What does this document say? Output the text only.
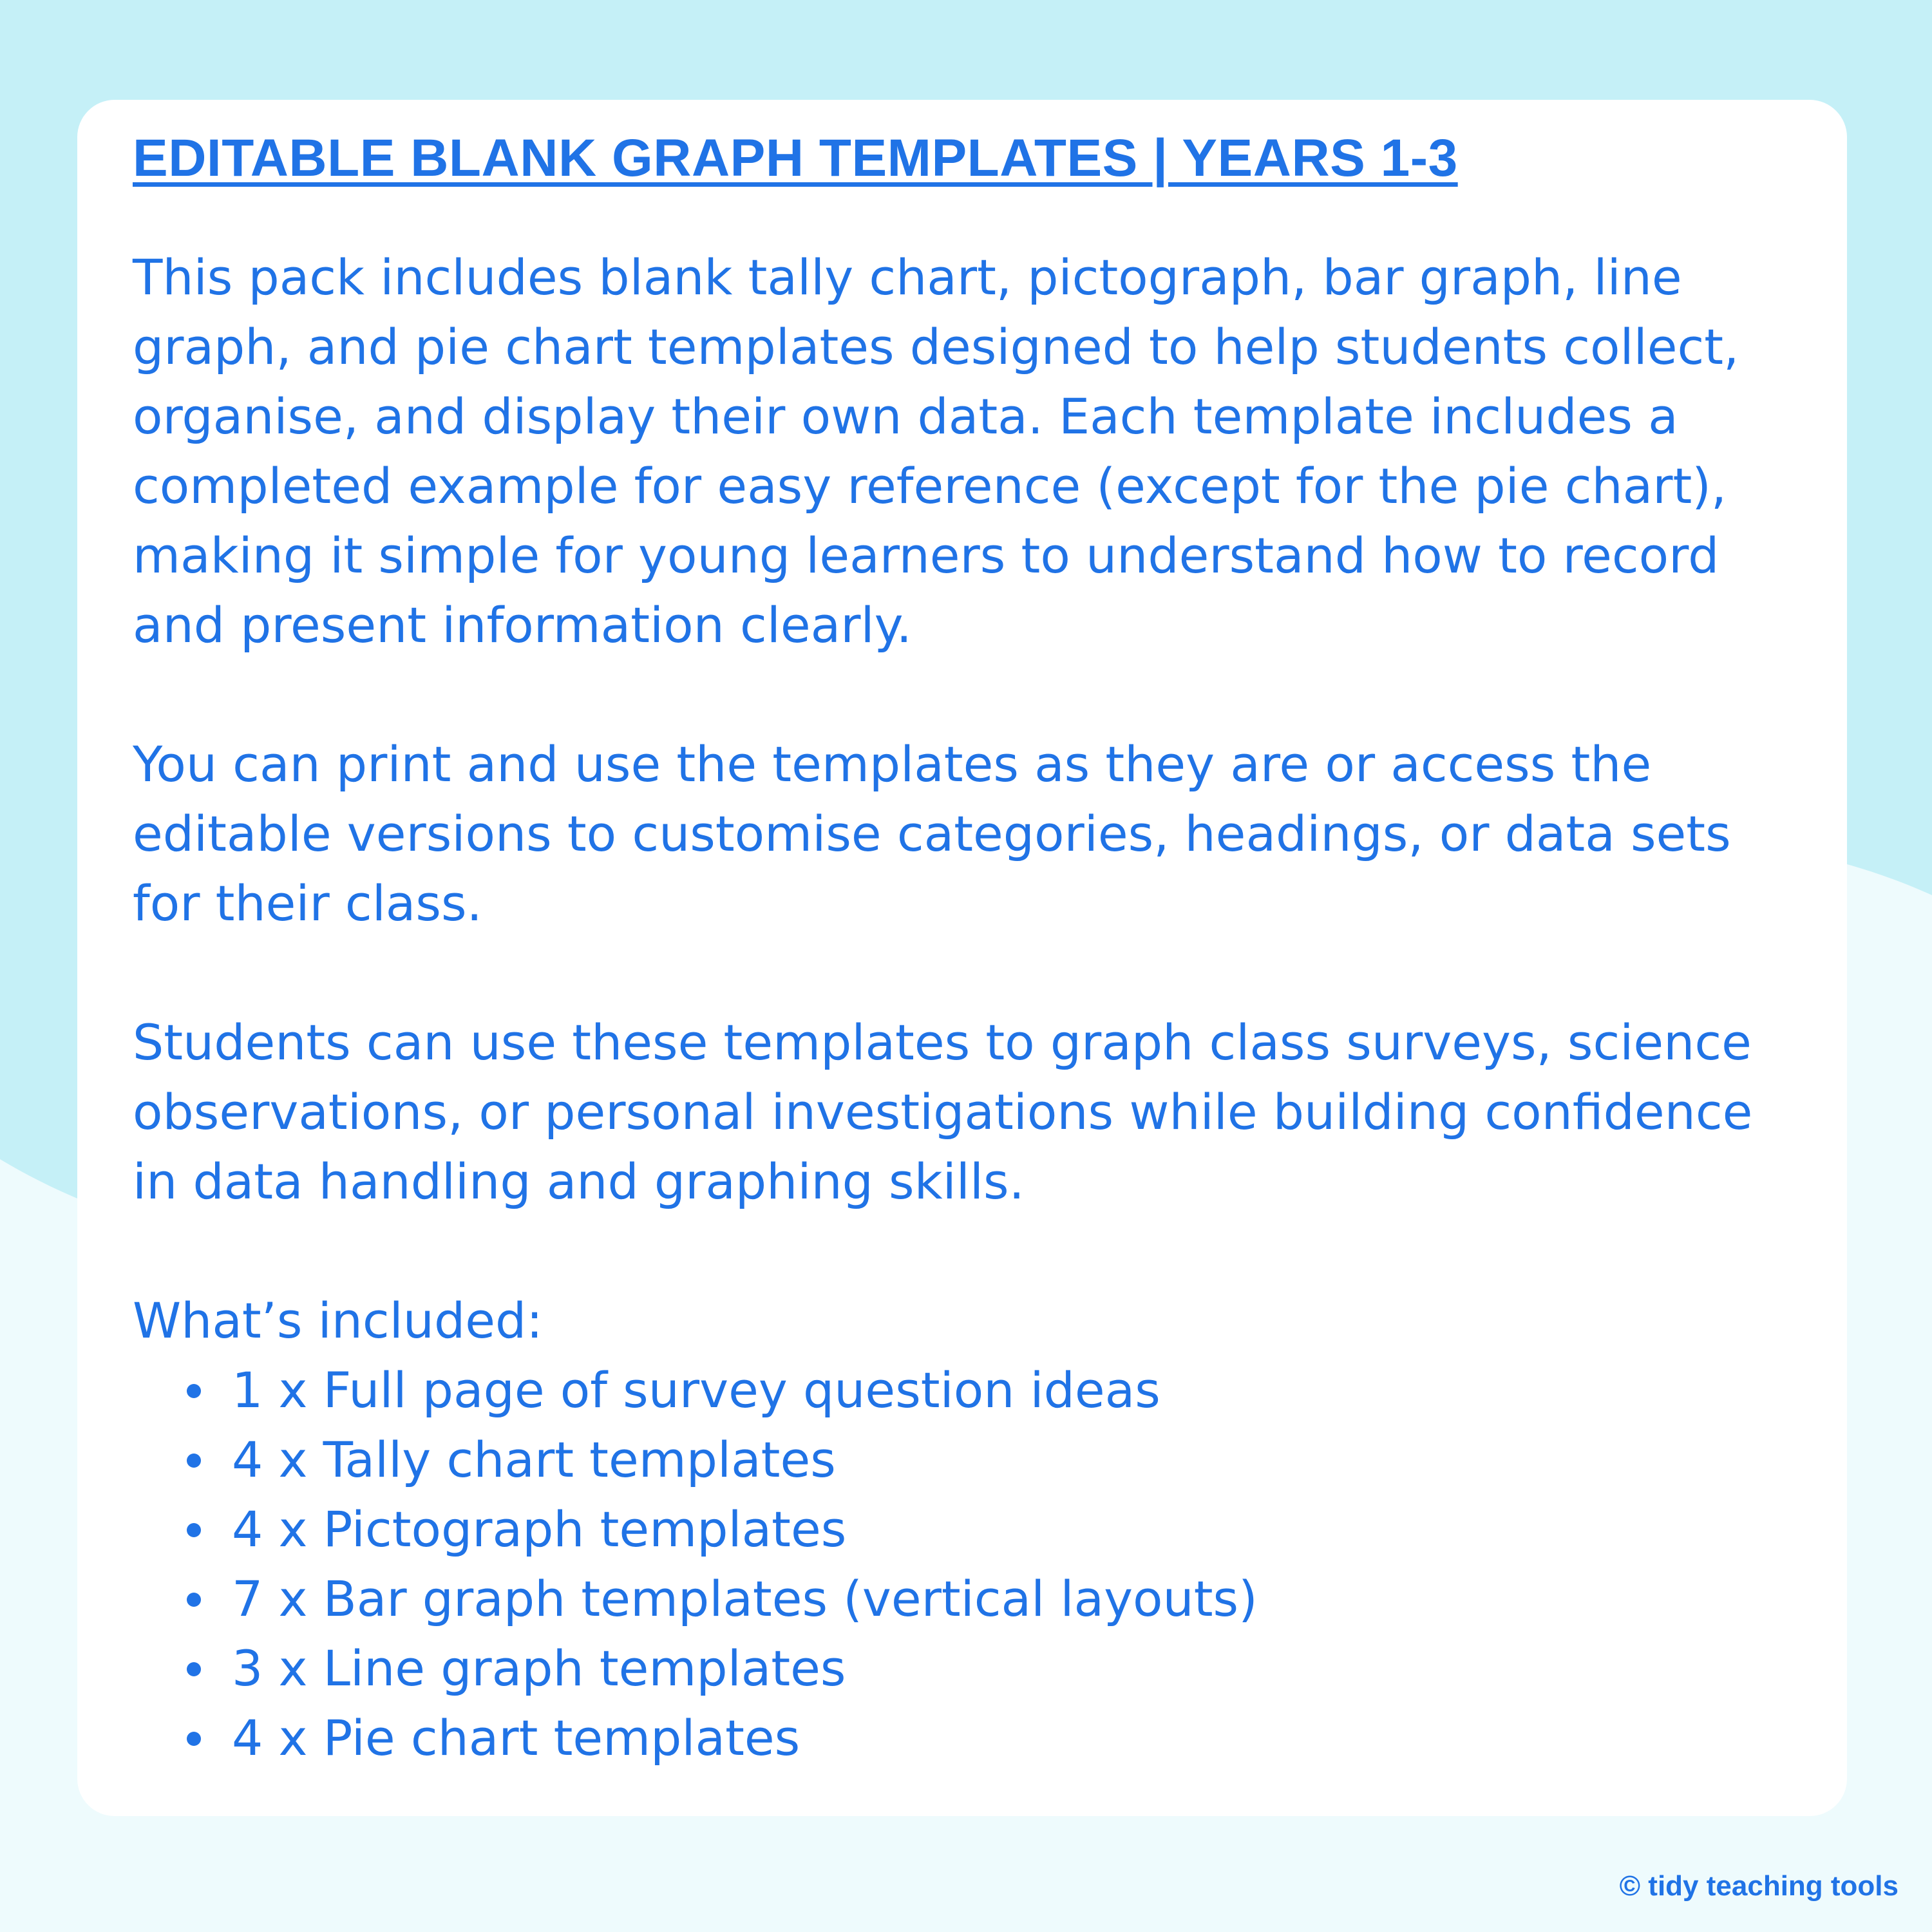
EDITABLE BLANK GRAPH TEMPLATES | YEARS 1-3

This pack includes blank tally chart, pictograph, bar graph, line graph, and pie chart templates designed to help students collect, organise, and display their own data. Each template includes a completed example for easy reference (except for the pie chart), making it simple for young learners to understand how to record and present information clearly.

You can print and use the templates as they are or access the editable versions to customise categories, headings, or data sets for their class.

Students can use these templates to graph class surveys, science observations, or personal investigations while building confidence in data handling and graphing skills.

What’s included:

1 x Full page of survey question ideas
4 x Tally chart templates
4 x Pictograph templates
7 x Bar graph templates (vertical layouts)
3 x Line graph templates
4 x Pie chart templates
© tidy teaching tools
